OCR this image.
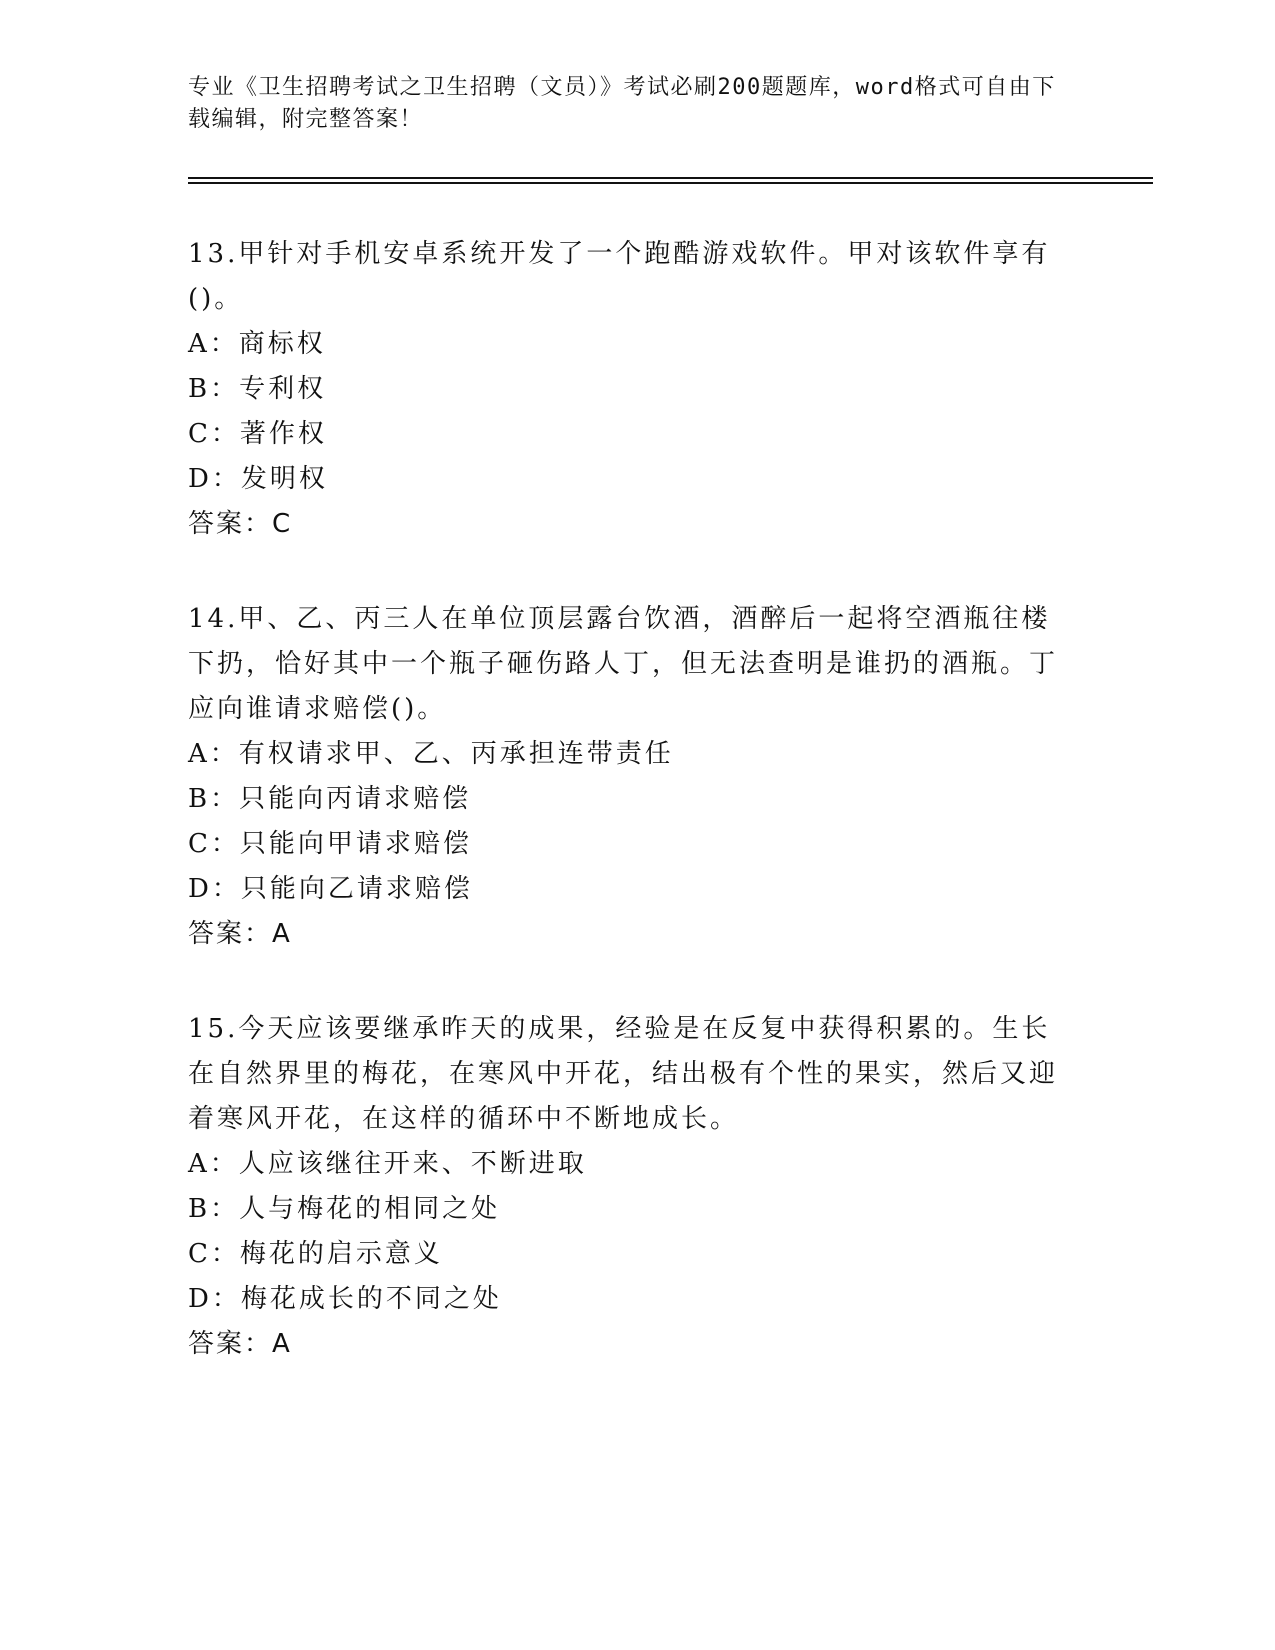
专业《卫生招聘考试之卫生招聘（文员）》考试必刷200题题库，word格式可自由下载编辑，附完整答案！

13.甲针对手机安卓系统开发了一个跑酷游戏软件。甲对该软件享有()。

A：商标权

B：专利权

C：著作权

D：发明权

答案：C

14.甲、乙、丙三人在单位顶层露台饮酒，酒醉后一起将空酒瓶往楼下扔，恰好其中一个瓶子砸伤路人丁，但无法查明是谁扔的酒瓶。丁应向谁请求赔偿()。

A：有权请求甲、乙、丙承担连带责任

B：只能向丙请求赔偿

C：只能向甲请求赔偿

D：只能向乙请求赔偿

答案：A

15.今天应该要继承昨天的成果，经验是在反复中获得积累的。生长在自然界里的梅花，在寒风中开花，结出极有个性的果实，然后又迎着寒风开花，在这样的循环中不断地成长。

A：人应该继往开来、不断进取

B：人与梅花的相同之处

C：梅花的启示意义

D：梅花成长的不同之处

答案：A
